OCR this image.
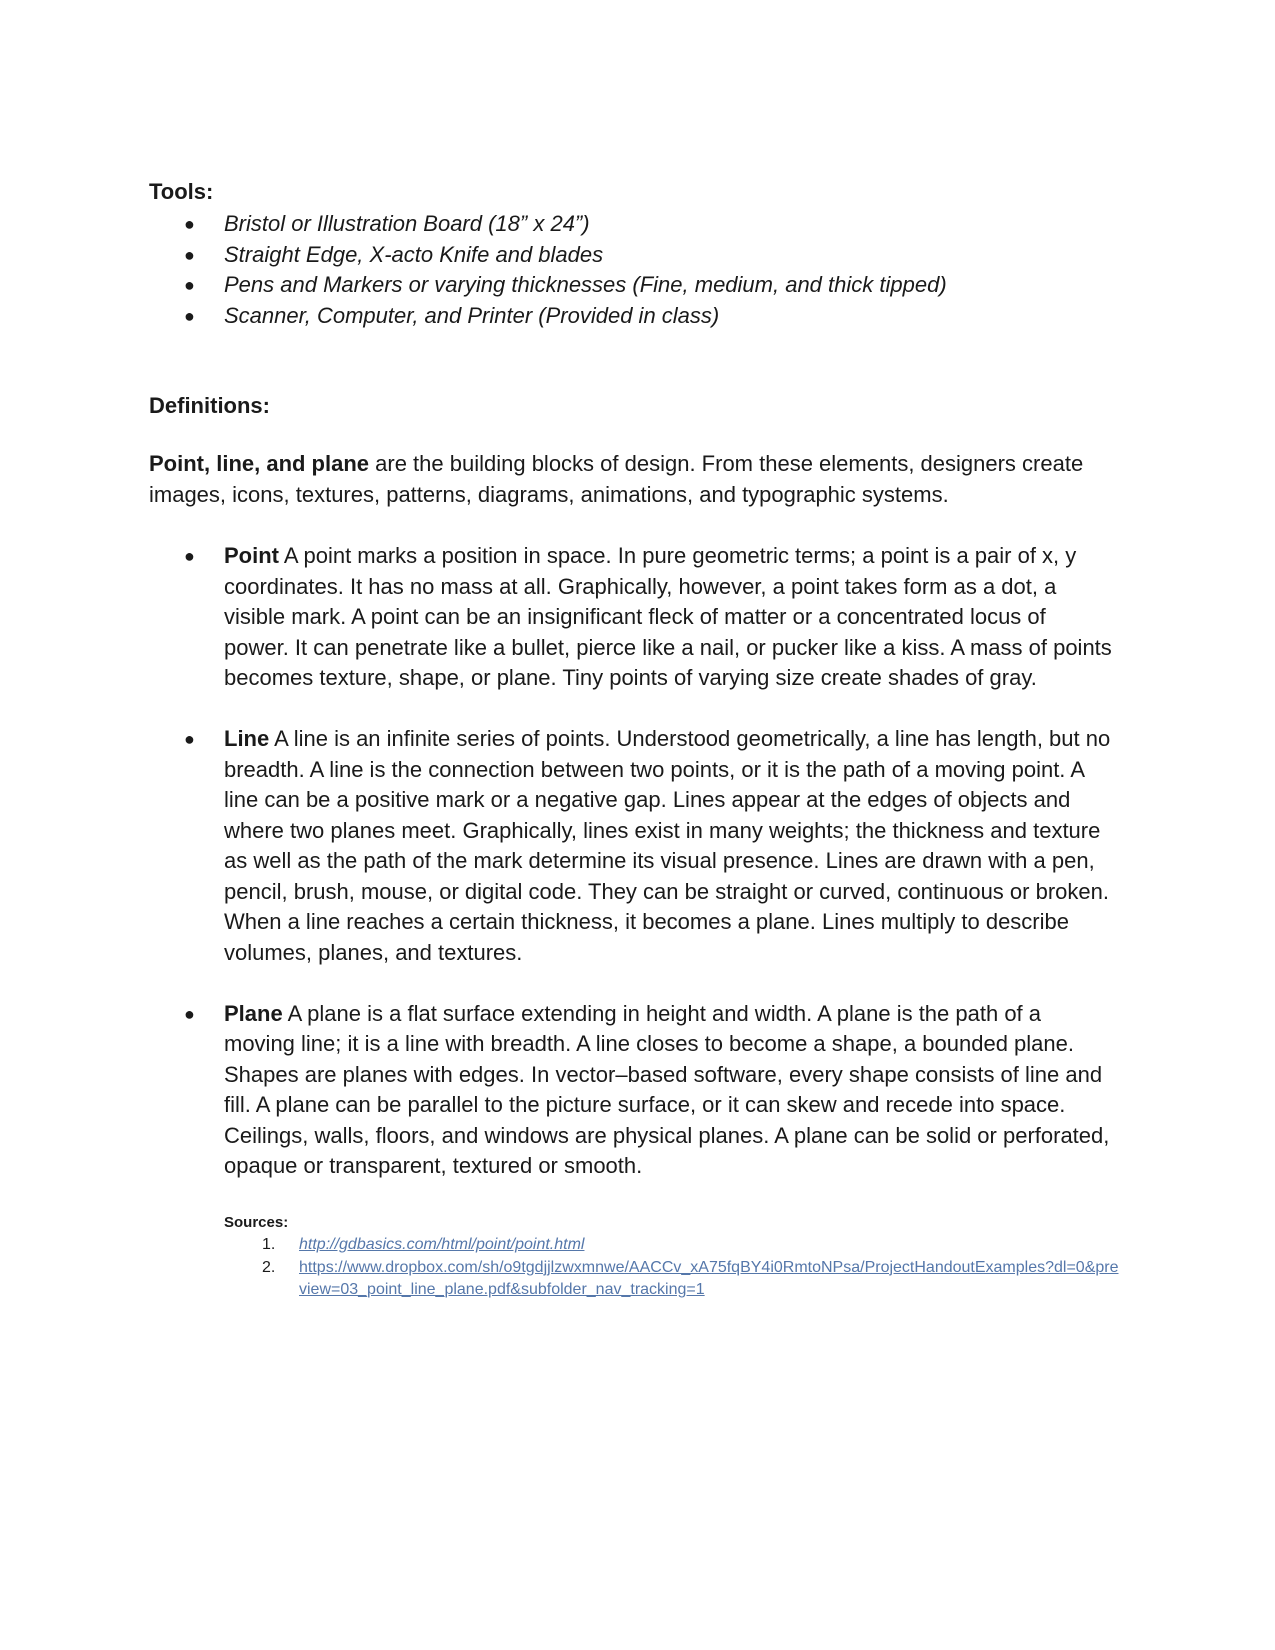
Tools:

● Bristol or Illustration Board (18” x 24”)
● Straight Edge, X-acto Knife and blades
● Pens and Markers or varying thicknesses (Fine, medium, and thick tipped)
● Scanner, Computer, and Printer (Provided in class)

Definitions:

Point, line, and plane are the building blocks of design. From these elements, designers create images, icons, textures, patterns, diagrams, animations, and typographic systems.

● Point A point marks a position in space. In pure geometric terms; a point is a pair of x, y coordinates. It has no mass at all. Graphically, however, a point takes form as a dot, a visible mark. A point can be an insignificant fleck of matter or a concentrated locus of power. It can penetrate like a bullet, pierce like a nail, or pucker like a kiss. A mass of points becomes texture, shape, or plane. Tiny points of varying size create shades of gray.
● Line A line is an infinite series of points. Understood geometrically, a line has length, but no breadth. A line is the connection between two points, or it is the path of a moving point. A line can be a positive mark or a negative gap. Lines appear at the edges of objects and where two planes meet. Graphically, lines exist in many weights; the thickness and texture as well as the path of the mark determine its visual presence. Lines are drawn with a pen, pencil, brush, mouse, or digital code. They can be straight or curved, continuous or broken. When a line reaches a certain thickness, it becomes a plane. Lines multiply to describe volumes, planes, and textures.
● Plane A plane is a flat surface extending in height and width. A plane is the path of a moving line; it is a line with breadth. A line closes to become a shape, a bounded plane. Shapes are planes with edges. In vector–based software, every shape consists of line and fill. A plane can be parallel to the picture surface, or it can skew and recede into space. Ceilings, walls, floors, and windows are physical planes. A plane can be solid or perforated, opaque or transparent, textured or smooth.
Sources:
1. http://gdbasics.com/html/point/point.html
2. https://www.dropbox.com/sh/o9tgdjjlzwxmnwe/AACCv_xA75fqBY4i0RmtoNPsa/ProjectHandoutExamples?dl=0&preview=03_point_line_plane.pdf&subfolder_nav_tracking=1
